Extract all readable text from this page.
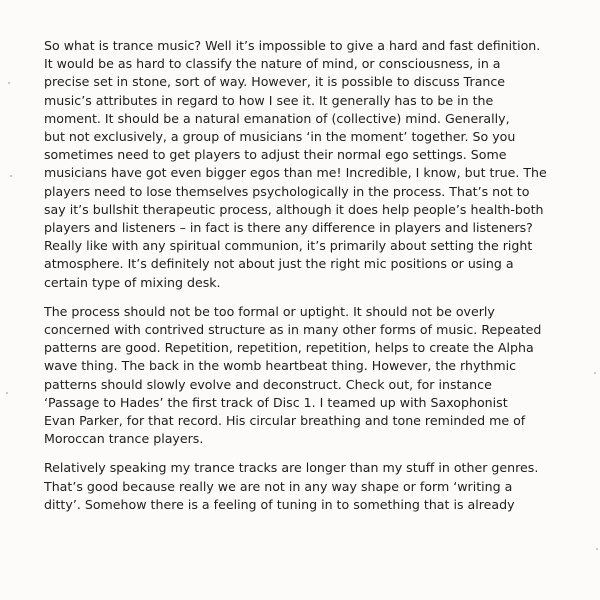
So what is trance music? Well it’s impossible to give a hard and fast definition.
It would be as hard to classify the nature of mind, or consciousness, in a
precise set in stone, sort of way. However, it is possible to discuss Trance
music’s attributes in regard to how I see it. It generally has to be in the
moment. It should be a natural emanation of (collective) mind. Generally,
but not exclusively, a group of musicians ‘in the moment’ together. So you
sometimes need to get players to adjust their normal ego settings. Some
musicians have got even bigger egos than me! Incredible, I know, but true. The
players need to lose themselves psychologically in the process. That’s not to
say it’s bullshit therapeutic process, although it does help people’s health-both
players and listeners – in fact is there any difference in players and listeners?
Really like with any spiritual communion, it’s primarily about setting the right
atmosphere. It’s definitely not about just the right mic positions or using a
certain type of mixing desk.

The process should not be too formal or uptight. It should not be overly
concerned with contrived structure as in many other forms of music. Repeated
patterns are good. Repetition, repetition, repetition, helps to create the Alpha
wave thing. The back in the womb heartbeat thing. However, the rhythmic
patterns should slowly evolve and deconstruct. Check out, for instance
‘Passage to Hades’ the first track of Disc 1. I teamed up with Saxophonist
Evan Parker, for that record. His circular breathing and tone reminded me of
Moroccan trance players.

Relatively speaking my trance tracks are longer than my stuff in other genres.
That’s good because really we are not in any way shape or form ‘writing a
ditty’. Somehow there is a feeling of tuning in to something that is already
